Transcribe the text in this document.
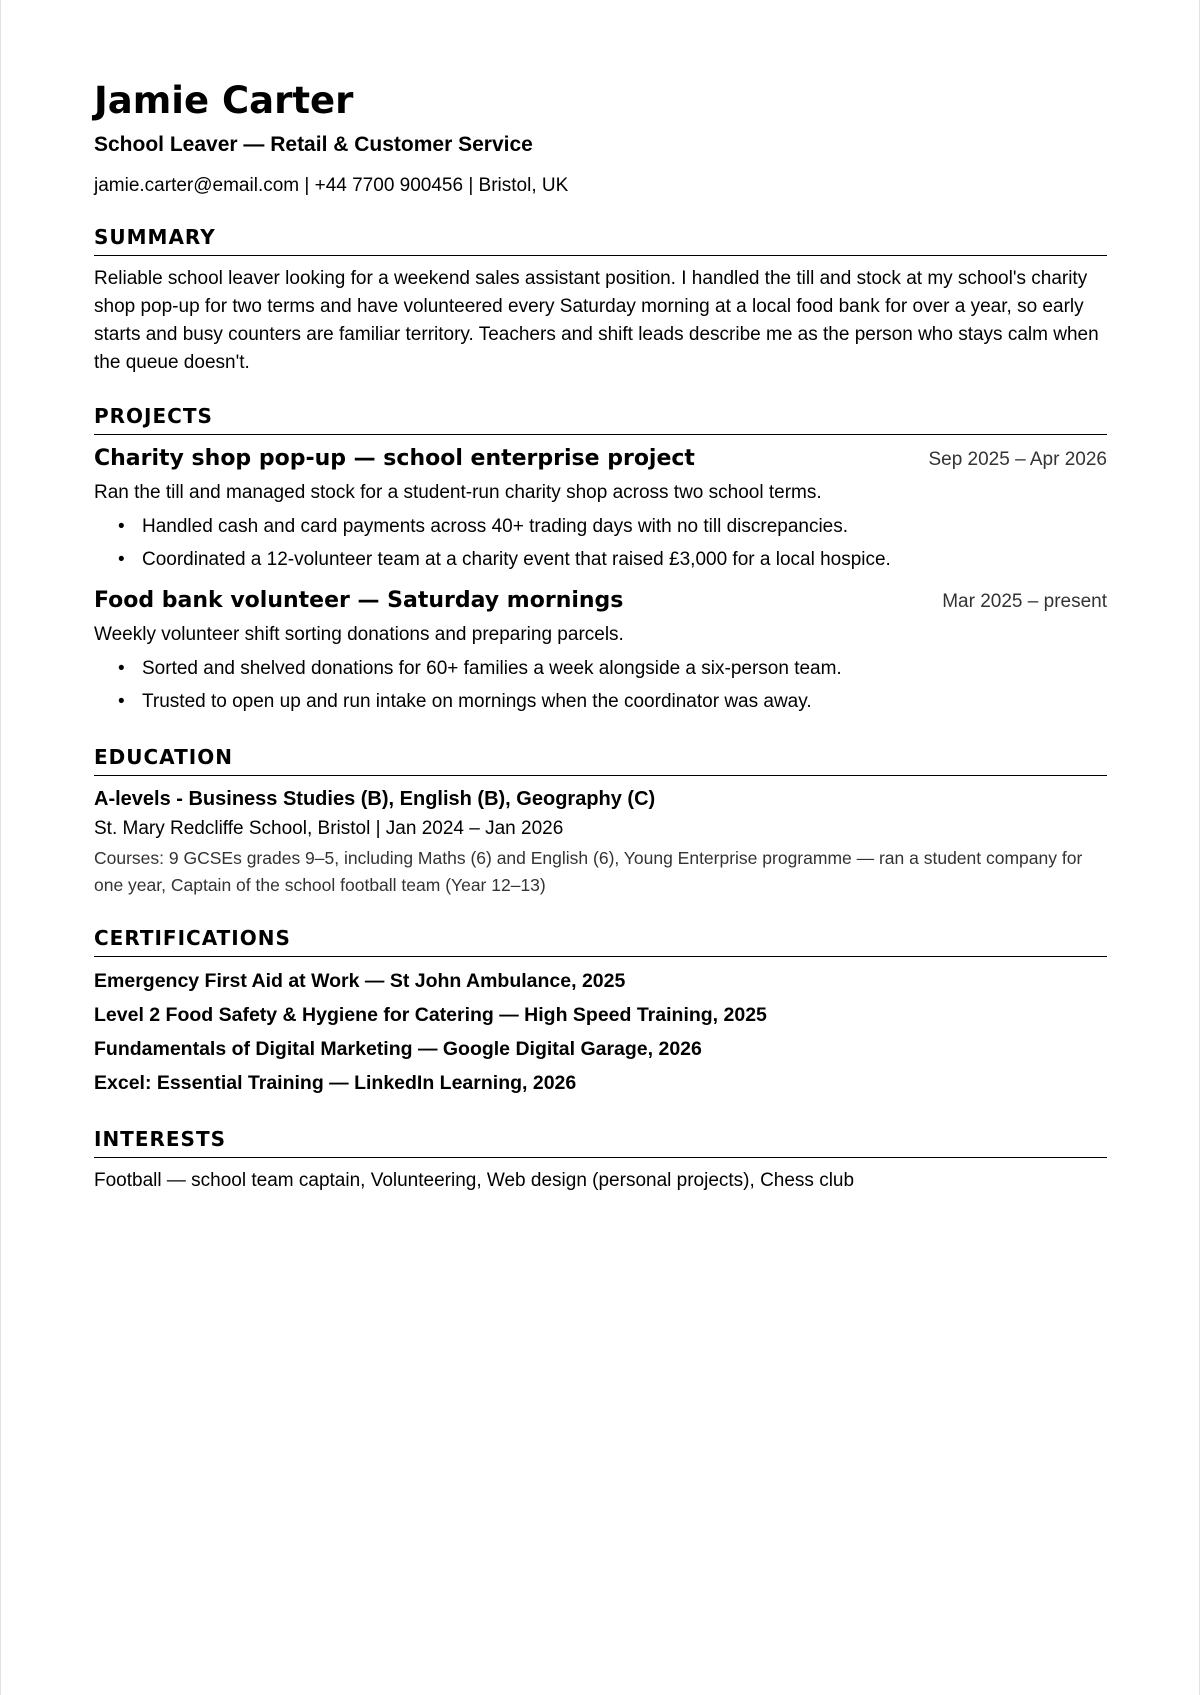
Jamie Carter
School Leaver — Retail & Customer Service
jamie.carter@email.com | +44 7700 900456 | Bristol, UK
SUMMARY

Reliable school leaver looking for a weekend sales assistant position. I handled the till and stock at my school's charity shop pop-up for two terms and have volunteered every Saturday morning at a local food bank for over a year, so early starts and busy counters are familiar territory. Teachers and shift leads describe me as the person who stays calm when the queue doesn't.

PROJECTS
Charity shop pop-up — school enterprise project	Sep 2025 – Apr 2026
Ran the till and managed stock for a student-run charity shop across two school terms.
• Handled cash and card payments across 40+ trading days with no till discrepancies.
• Coordinated a 12-volunteer team at a charity event that raised £3,000 for a local hospice.
Food bank volunteer — Saturday mornings	Mar 2025 – present
Weekly volunteer shift sorting donations and preparing parcels.
• Sorted and shelved donations for 60+ families a week alongside a six-person team.
• Trusted to open up and run intake on mornings when the coordinator was away.
EDUCATION
A-levels - Business Studies (B), English (B), Geography (C)
St. Mary Redcliffe School, Bristol | Jan 2024 – Jan 2026
Courses: 9 GCSEs grades 9–5, including Maths (6) and English (6), Young Enterprise programme — ran a student company for one year, Captain of the school football team (Year 12–13)
CERTIFICATIONS
Emergency First Aid at Work — St John Ambulance, 2025
Level 2 Food Safety & Hygiene for Catering — High Speed Training, 2025
Fundamentals of Digital Marketing — Google Digital Garage, 2026
Excel: Essential Training — LinkedIn Learning, 2026
INTERESTS

Football — school team captain, Volunteering, Web design (personal projects), Chess club
